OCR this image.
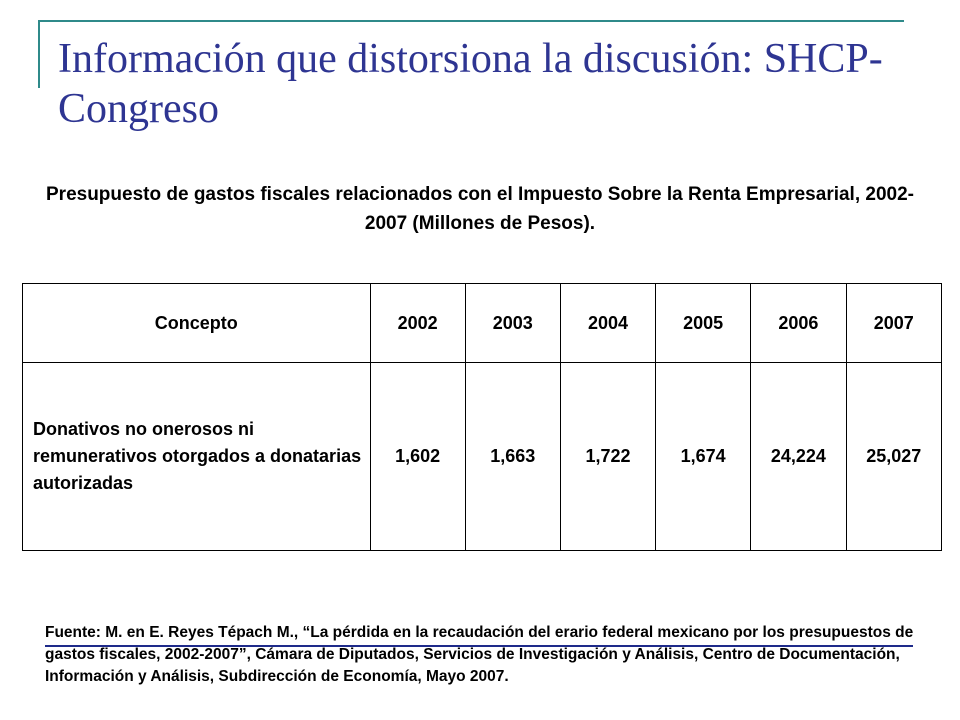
Información que distorsiona la discusión: SHCP-Congreso

Presupuesto de gastos fiscales relacionados con el Impuesto Sobre la Renta Empresarial, 2002-2007 (Millones de Pesos).

Concepto	2002	2003	2004	2005	2006	2007
Donativos no onerosos ni remunerativos otorgados a donatarias autorizadas	1,602	1,663	1,722	1,674	24,224	25,027

Fuente: M. en E. Reyes Tépach M., “La pérdida en la recaudación del erario federal mexicano por los presupuestos de gastos fiscales, 2002-2007”, Cámara de Diputados, Servicios de Investigación y Análisis, Centro de Documentación, Información y Análisis, Subdirección de Economía, Mayo 2007.
